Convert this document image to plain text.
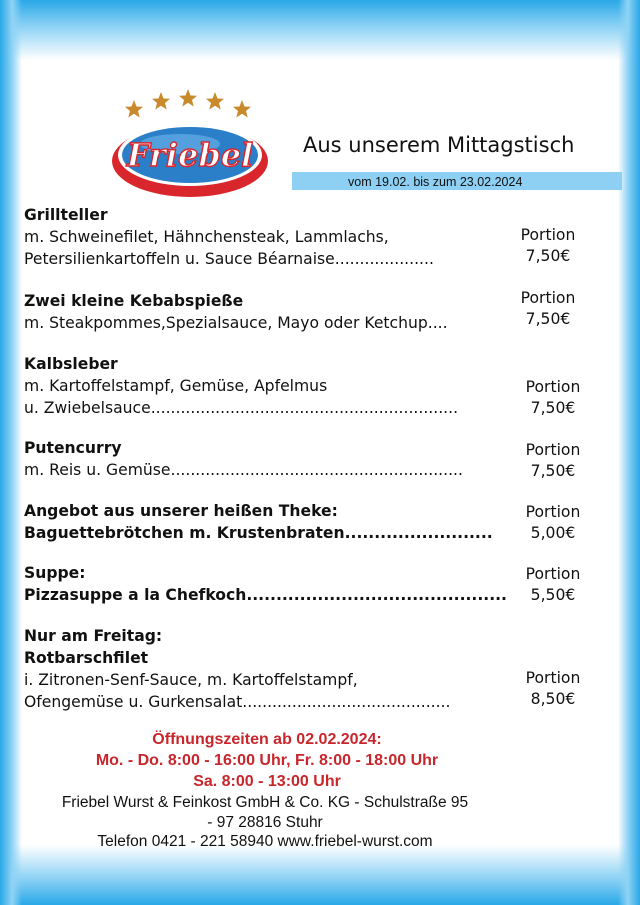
Friebel Aus unserem Mittagstisch
vom 19.02. bis zum 23.02.2024
Grillteller
m. Schweinefilet, Hähnchensteak, Lammlachs,
Petersilienkartoffeln u. Sauce Béarnaise....................
Portion
7,50€
Zwei kleine Kebabspieße
m. Steakpommes,Spezialsauce, Mayo oder Ketchup....
Portion
7,50€
Kalbsleber
m. Kartoffelstampf, Gemüse, Apfelmus
u. Zwiebelsauce..............................................................
Portion
7,50€
Putencurry
m. Reis u. Gemüse...........................................................
Portion
7,50€
Angebot aus unserer heißen Theke:
Baguettebrötchen m. Krustenbraten.........................
Portion
5,00€
Suppe:
Pizzasuppe a la Chefkoch............................................
Portion
5,50€
Nur am Freitag:
Rotbarschfilet
i. Zitronen-Senf-Sauce, m. Kartoffelstampf,
Ofengemüse u. Gurkensalat..........................................
Portion
8,50€
Öffnungszeiten ab 02.02.2024:
Mo. - Do. 8:00 - 16:00 Uhr, Fr. 8:00 - 18:00 Uhr
Sa. 8:00 - 13:00 Uhr
Friebel Wurst & Feinkost GmbH & Co. KG - Schulstraße 95
- 97 28816 Stuhr
Telefon 0421 - 221 58940 www.friebel-wurst.com
